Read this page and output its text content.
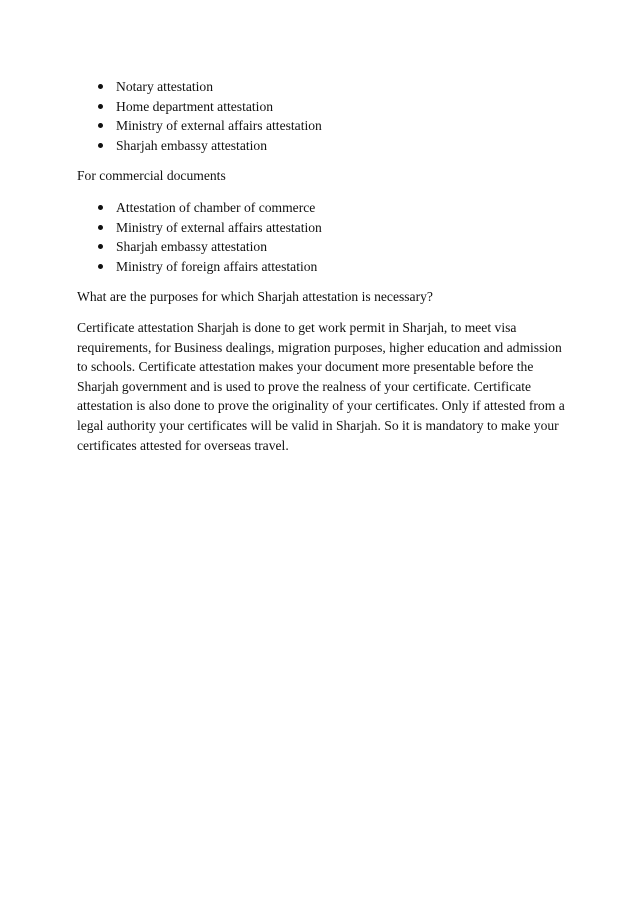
Notary attestation
Home department attestation
Ministry of external affairs attestation
Sharjah embassy attestation

For commercial documents

Attestation of chamber of commerce
Ministry of external affairs attestation
Sharjah embassy attestation
Ministry of foreign affairs attestation

What are the purposes for which Sharjah attestation is necessary?

Certificate attestation Sharjah is done to get work permit in Sharjah, to meet visa requirements, for Business dealings, migration purposes, higher education and admission to schools. Certificate attestation makes your document more presentable before the Sharjah government and is used to prove the realness of your certificate. Certificate attestation is also done to prove the originality of your certificates. Only if attested from a legal authority your certificates will be valid in Sharjah. So it is mandatory to make your certificates attested for overseas travel.
